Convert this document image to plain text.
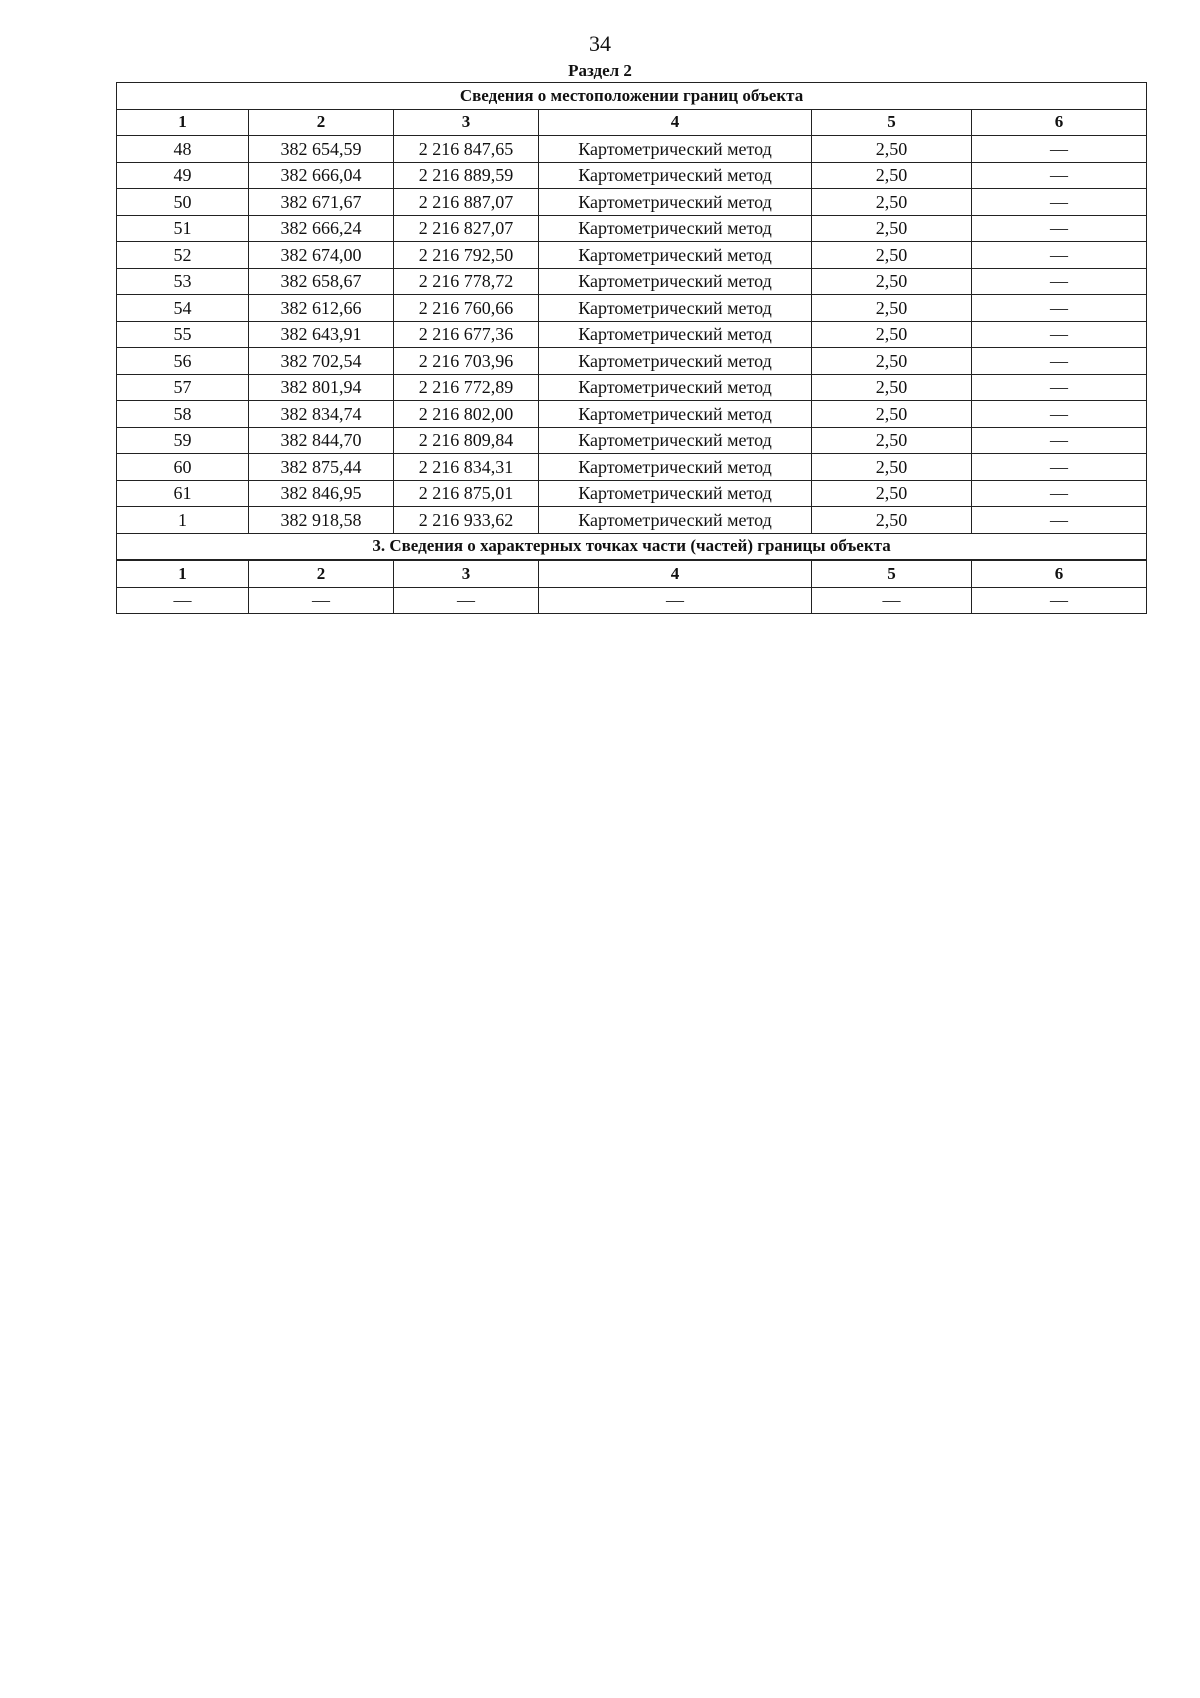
34
Раздел 2
Сведения о местоположении границ объекта					
1	2	3	4	5	6
48	382 654,59	2 216 847,65	Картометрический метод	2,50	—
49	382 666,04	2 216 889,59	Картометрический метод	2,50	—
50	382 671,67	2 216 887,07	Картометрический метод	2,50	—
51	382 666,24	2 216 827,07	Картометрический метод	2,50	—
52	382 674,00	2 216 792,50	Картометрический метод	2,50	—
53	382 658,67	2 216 778,72	Картометрический метод	2,50	—
54	382 612,66	2 216 760,66	Картометрический метод	2,50	—
55	382 643,91	2 216 677,36	Картометрический метод	2,50	—
56	382 702,54	2 216 703,96	Картометрический метод	2,50	—
57	382 801,94	2 216 772,89	Картометрический метод	2,50	—
58	382 834,74	2 216 802,00	Картометрический метод	2,50	—
59	382 844,70	2 216 809,84	Картометрический метод	2,50	—
60	382 875,44	2 216 834,31	Картометрический метод	2,50	—
61	382 846,95	2 216 875,01	Картометрический метод	2,50	—
1	382 918,58	2 216 933,62	Картометрический метод	2,50	—
3. Сведения о характерных точках части (частей) границы объекта					
1	2	3	4	5	6
—	—	—	—	—	—
